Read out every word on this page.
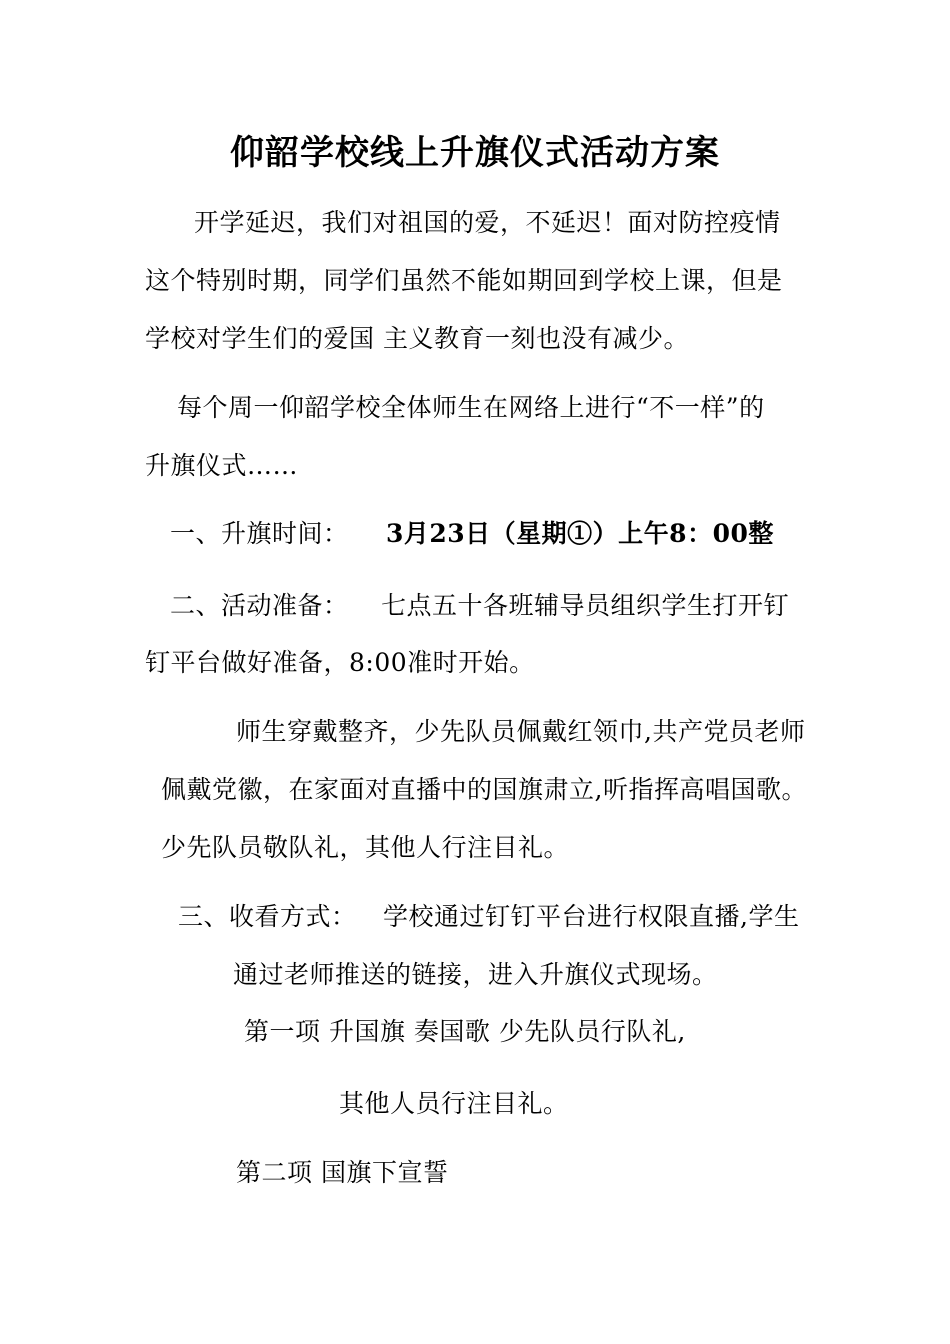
仰韶学校线上升旗仪式活动方案
开学延迟，我们对祖国的爱，不延迟！面对防控疫情
这个特别时期，同学们虽然不能如期回到学校上课，但是
学校对学生们的爱国 主义教育一刻也没有减少。
每个周一仰韶学校全体师生在网络上进行“不一样”的
升旗仪式……
一、升旗时间： 3月23日（星期①）上午8：00整
二、活动准备： 七点五十各班辅导员组织学生打开钉
钉平台做好准备，8:00准时开始。
师生穿戴整齐，少先队员佩戴红领巾,共产党员老师
佩戴党徽，在家面对直播中的国旗肃立,听指挥高唱国歌。
少先队员敬队礼，其他人行注目礼。
三、收看方式： 学校通过钉钉平台进行权限直播,学生
通过老师推送的链接，进入升旗仪式现场。
第一项 升国旗 奏国歌 少先队员行队礼,
其他人员行注目礼。
第二项 国旗下宣誓
